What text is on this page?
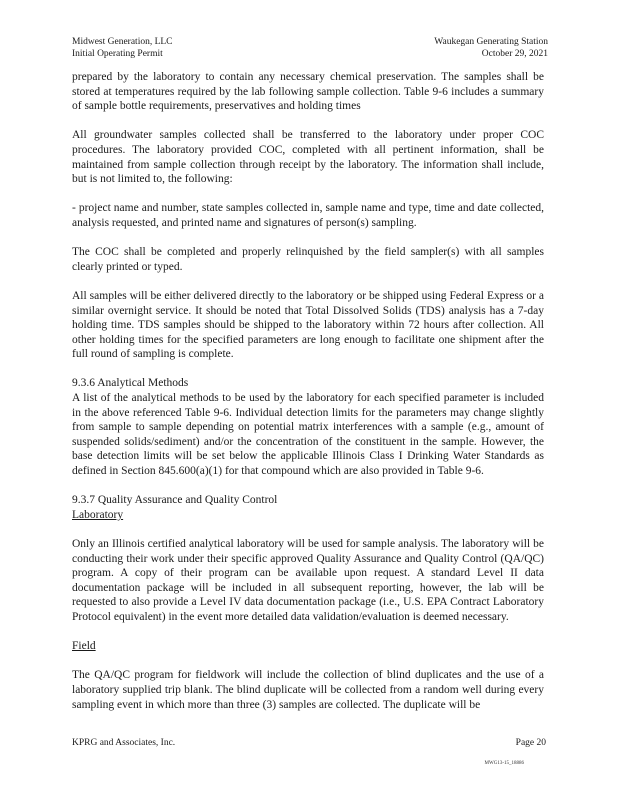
Midwest Generation, LLC
Initial Operating Permit
Waukegan Generating Station
October 29, 2021

prepared by the laboratory to contain any necessary chemical preservation. The samples shall be stored at temperatures required by the lab following sample collection. Table 9-6 includes a summary of sample bottle requirements, preservatives and holding times

All groundwater samples collected shall be transferred to the laboratory under proper COC procedures. The laboratory provided COC, completed with all pertinent information, shall be maintained from sample collection through receipt by the laboratory. The information shall include, but is not limited to, the following:

- project name and number, state samples collected in, sample name and type, time and date collected, analysis requested, and printed name and signatures of person(s) sampling.

The COC shall be completed and properly relinquished by the field sampler(s) with all samples clearly printed or typed.

All samples will be either delivered directly to the laboratory or be shipped using Federal Express or a similar overnight service. It should be noted that Total Dissolved Solids (TDS) analysis has a 7-day holding time. TDS samples should be shipped to the laboratory within 72 hours after collection. All other holding times for the specified parameters are long enough to facilitate one shipment after the full round of sampling is complete.

9.3.6 Analytical Methods

A list of the analytical methods to be used by the laboratory for each specified parameter is included in the above referenced Table 9-6. Individual detection limits for the parameters may change slightly from sample to sample depending on potential matrix interferences with a sample (e.g., amount of suspended solids/sediment) and/or the concentration of the constituent in the sample. However, the base detection limits will be set below the applicable Illinois Class I Drinking Water Standards as defined in Section 845.600(a)(1) for that compound which are also provided in Table 9-6.

9.3.7 Quality Assurance and Quality Control
Laboratory

Only an Illinois certified analytical laboratory will be used for sample analysis. The laboratory will be conducting their work under their specific approved Quality Assurance and Quality Control (QA/QC) program. A copy of their program can be available upon request. A standard Level II data documentation package will be included in all subsequent reporting, however, the lab will be requested to also provide a Level IV data documentation package (i.e., U.S. EPA Contract Laboratory Protocol equivalent) in the event more detailed data validation/evaluation is deemed necessary.

Field

The QA/QC program for fieldwork will include the collection of blind duplicates and the use of a laboratory supplied trip blank. The blind duplicate will be collected from a random well during every sampling event in which more than three (3) samples are collected. The duplicate will be

KPRG and Associates, Inc.	Page 20
MWG13-15_18886
